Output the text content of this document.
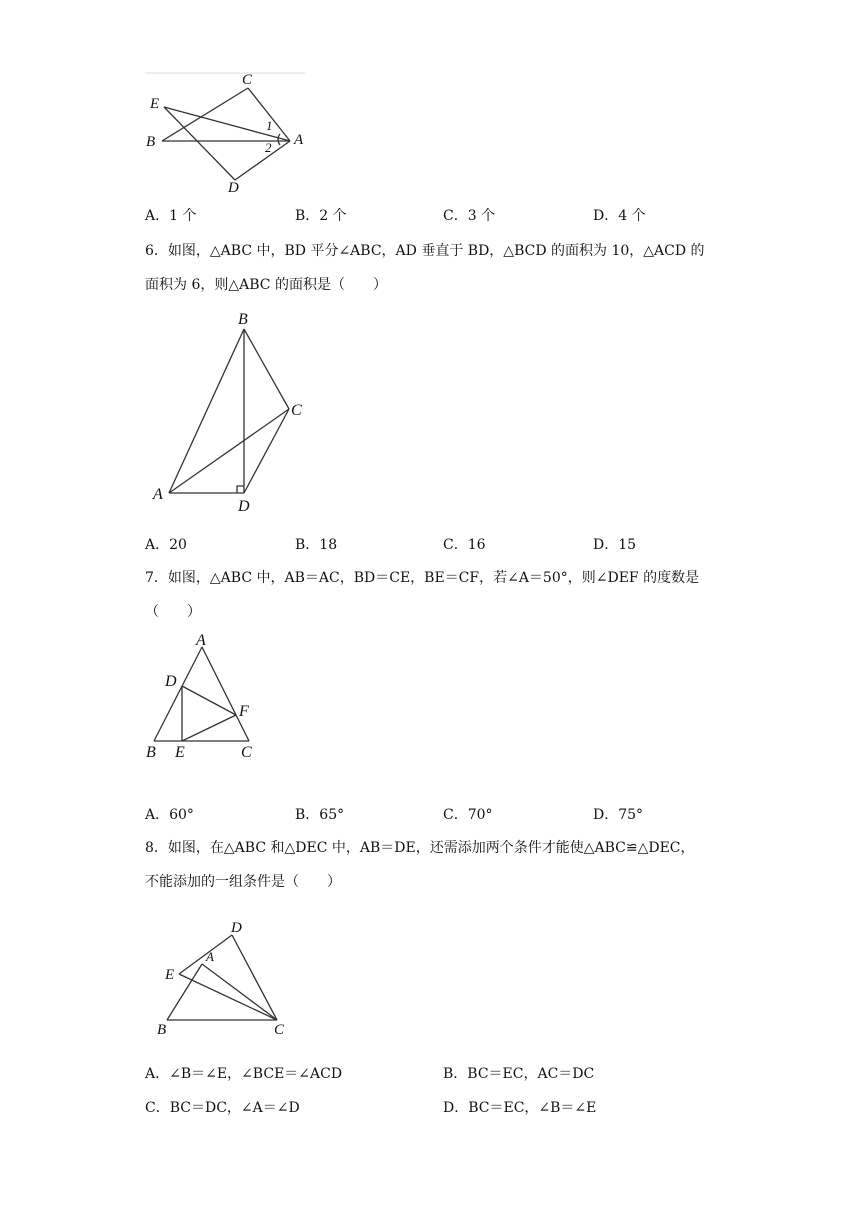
C
E
B	A
D
1
2
A．1 个	B．2 个	C．3 个	D．4 个
6．如图，△ABC 中，BD 平分∠ABC，AD 垂直于 BD，△BCD 的面积为 10，△ACD 的
面积为 6，则△ABC 的面积是（　　）
B
C
A
D
A．20	B．18	C．16	D．15
7．如图，△ABC 中，AB＝AC，BD＝CE，BE＝CF，若∠A＝50°，则∠DEF 的度数是
（　　）
A
D
F
B E	C
A．60°	B．65°	C．70°	D．75°
8．如图，在△ABC 和△DEC 中，AB＝DE，还需添加两个条件才能使△ABC≌△DEC，
不能添加的一组条件是（　　）
D
A
E
B	C
A．∠B＝∠E，∠BCE＝∠ACD	B．BC＝EC，AC＝DC
C．BC＝DC，∠A＝∠D	D．BC＝EC，∠B＝∠E
